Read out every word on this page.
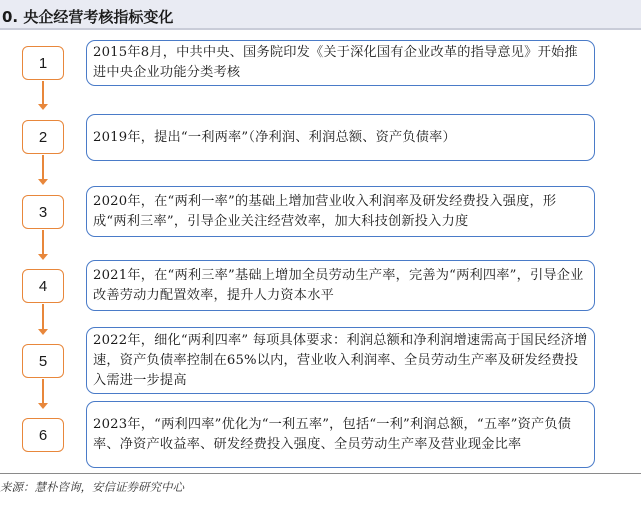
0. 央企经营考核指标变化
1
2015年8月，中共中央、国务院印发《关于深化国有企业改革的指导意见》开始推进中央企业功能分类考核
2	2019年，提出“一利两率”（净利润、利润总额、资产负债率）
3
2020年，在“两利一率”的基础上增加营业收入利润率及研发经费投入强度，形成“两利三率”，引导企业关注经营效率，加大科技创新投入力度
4
2021年，在“两利三率”基础上增加全员劳动生产率，完善为“两利四率”，引导企业改善劳动力配置效率，提升人力资本水平
5
2022年，细化“两利四率” 每项具体要求：利润总额和净利润增速需高于国民经济增速，资产负债率控制在65%以内，营业收入利润率、全员劳动生产率及研发经费投入需进一步提高
6
2023年，“两利四率”优化为“一利五率”，包括“一利”利润总额，“五率”资产负债率、净资产收益率、研发经费投入强度、全员劳动生产率及营业现金比率
来源：慧朴咨询，安信证券研究中心
